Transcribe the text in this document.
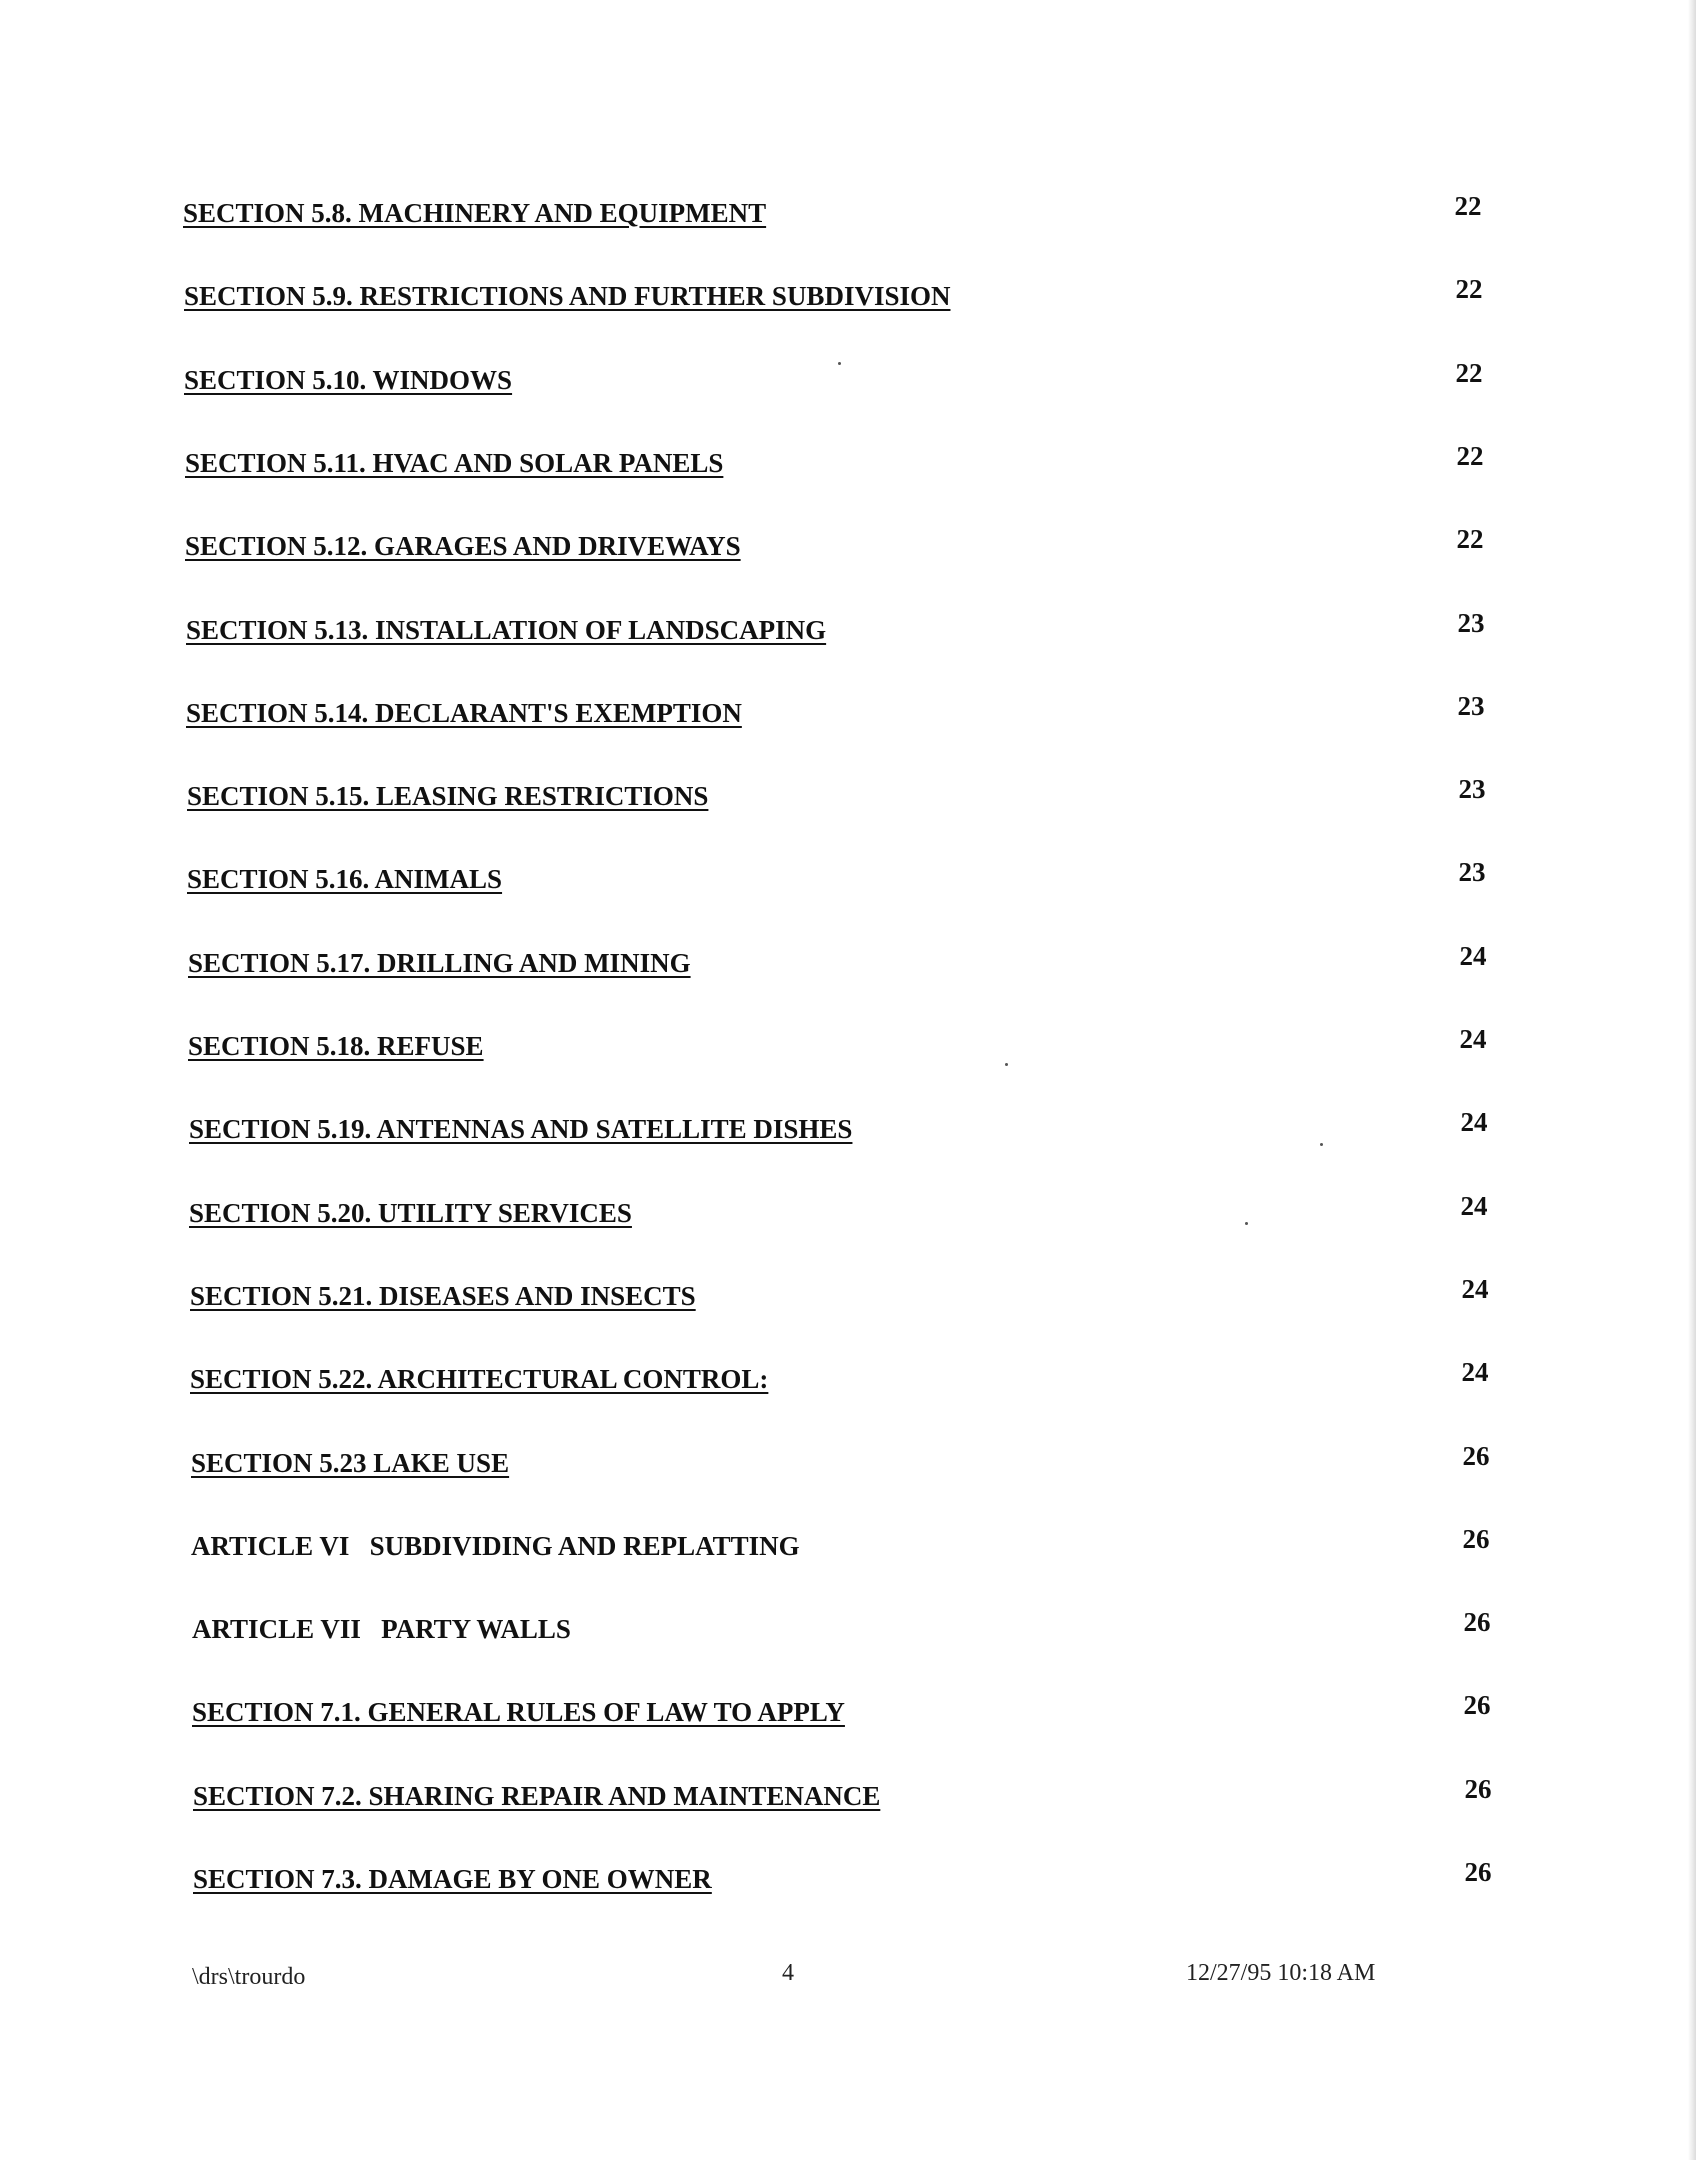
SECTION 5.8. MACHINERY AND EQUIPMENT	22
SECTION 5.9. RESTRICTIONS AND FURTHER SUBDIVISION	22
SECTION 5.10. WINDOWS	22
SECTION 5.11. HVAC AND SOLAR PANELS	22
SECTION 5.12. GARAGES AND DRIVEWAYS	22
SECTION 5.13. INSTALLATION OF LANDSCAPING	23
SECTION 5.14. DECLARANT'S EXEMPTION	23
SECTION 5.15. LEASING RESTRICTIONS	23
SECTION 5.16. ANIMALS	23
SECTION 5.17. DRILLING AND MINING	24
SECTION 5.18. REFUSE	24
SECTION 5.19. ANTENNAS AND SATELLITE DISHES	24
SECTION 5.20. UTILITY SERVICES	24
SECTION 5.21. DISEASES AND INSECTS	24
SECTION 5.22. ARCHITECTURAL CONTROL:	24
SECTION 5.23 LAKE USE	26
ARTICLE VI   SUBDIVIDING AND REPLATTING	26
ARTICLE VII   PARTY WALLS	26
SECTION 7.1. GENERAL RULES OF LAW TO APPLY	26
SECTION 7.2. SHARING REPAIR AND MAINTENANCE	26
SECTION 7.3. DAMAGE BY ONE OWNER	26
\drs\trourdo	4	12/27/95 10:18 AM
